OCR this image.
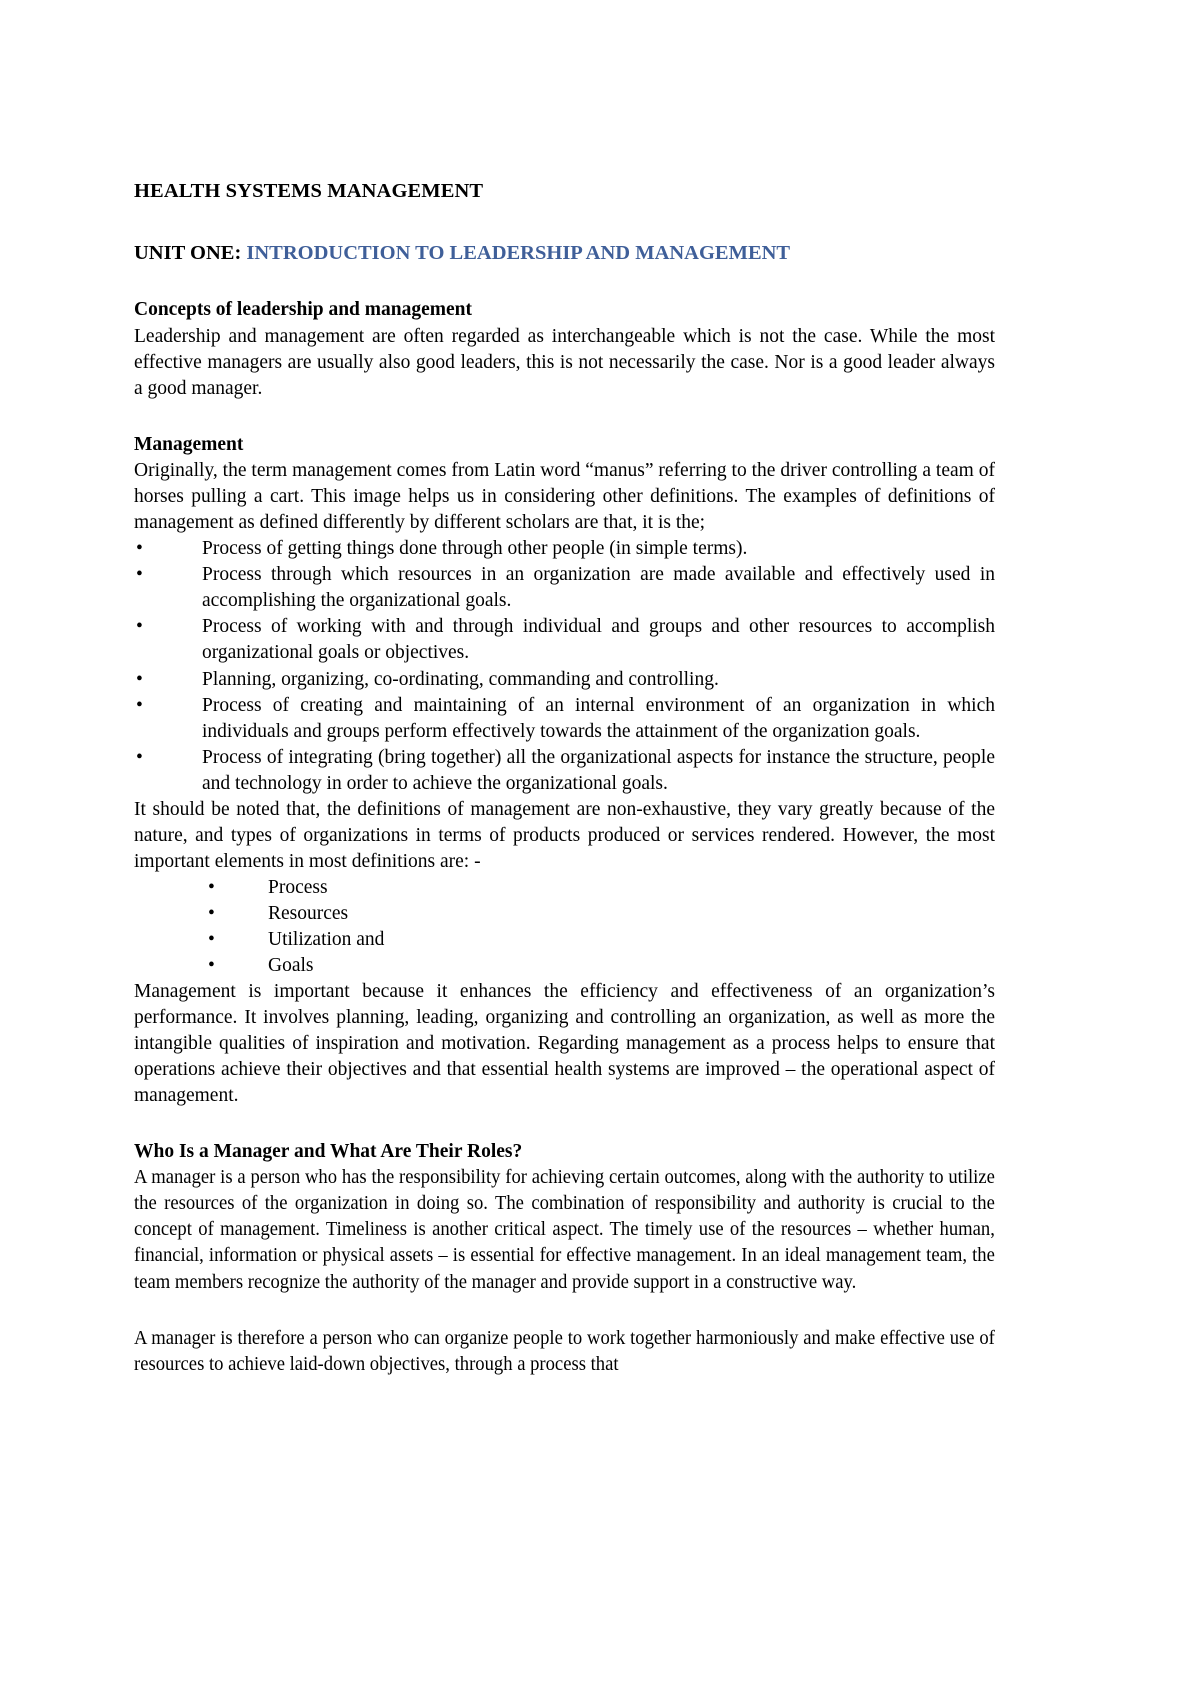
HEALTH SYSTEMS MANAGEMENT
UNIT ONE: INTRODUCTION TO LEADERSHIP AND MANAGEMENT
Concepts of leadership and management

Leadership and management are often regarded as interchangeable which is not the case. While the most effective managers are usually also good leaders, this is not necessarily the case. Nor is a good leader always a good manager.

Management

Originally, the term management comes from Latin word “manus” referring to the driver controlling a team of horses pulling a cart. This image helps us in considering other definitions. The examples of definitions of management as defined differently by different scholars are that, it is the;

•	Process of getting things done through other people (in simple terms).
•	Process through which resources in an organization are made available and effectively used in accomplishing the organizational goals.
•	Process of working with and through individual and groups and other resources to accomplish organizational goals or objectives.
•	Planning, organizing, co-ordinating, commanding and controlling.
•	Process of creating and maintaining of an internal environment of an organization in which individuals and groups perform effectively towards the attainment of the organization goals.
•	Process of integrating (bring together) all the organizational aspects for instance the structure, people and technology in order to achieve the organizational goals.

It should be noted that, the definitions of management are non-exhaustive, they vary greatly because of the nature, and types of organizations in terms of products produced or services rendered. However, the most important elements in most definitions are: -

•	Process
•	Resources
•	Utilization and
•	Goals

Management is important because it enhances the efficiency and effectiveness of an organization’s performance. It involves planning, leading, organizing and controlling an organization, as well as more the intangible qualities of inspiration and motivation. Regarding management as a process helps to ensure that operations achieve their objectives and that essential health systems are improved – the operational aspect of management.

Who Is a Manager and What Are Their Roles?

A manager is a person who has the responsibility for achieving certain outcomes, along with the authority to utilize the resources of the organization in doing so. The combination of responsibility and authority is crucial to the concept of management. Timeliness is another critical aspect. The timely use of the resources – whether human, financial, information or physical assets – is essential for effective management. In an ideal management team, the team members recognize the authority of the manager and provide support in a constructive way.

A manager is therefore a person who can organize people to work together harmoniously and make effective use of resources to achieve laid-down objectives, through a process that
